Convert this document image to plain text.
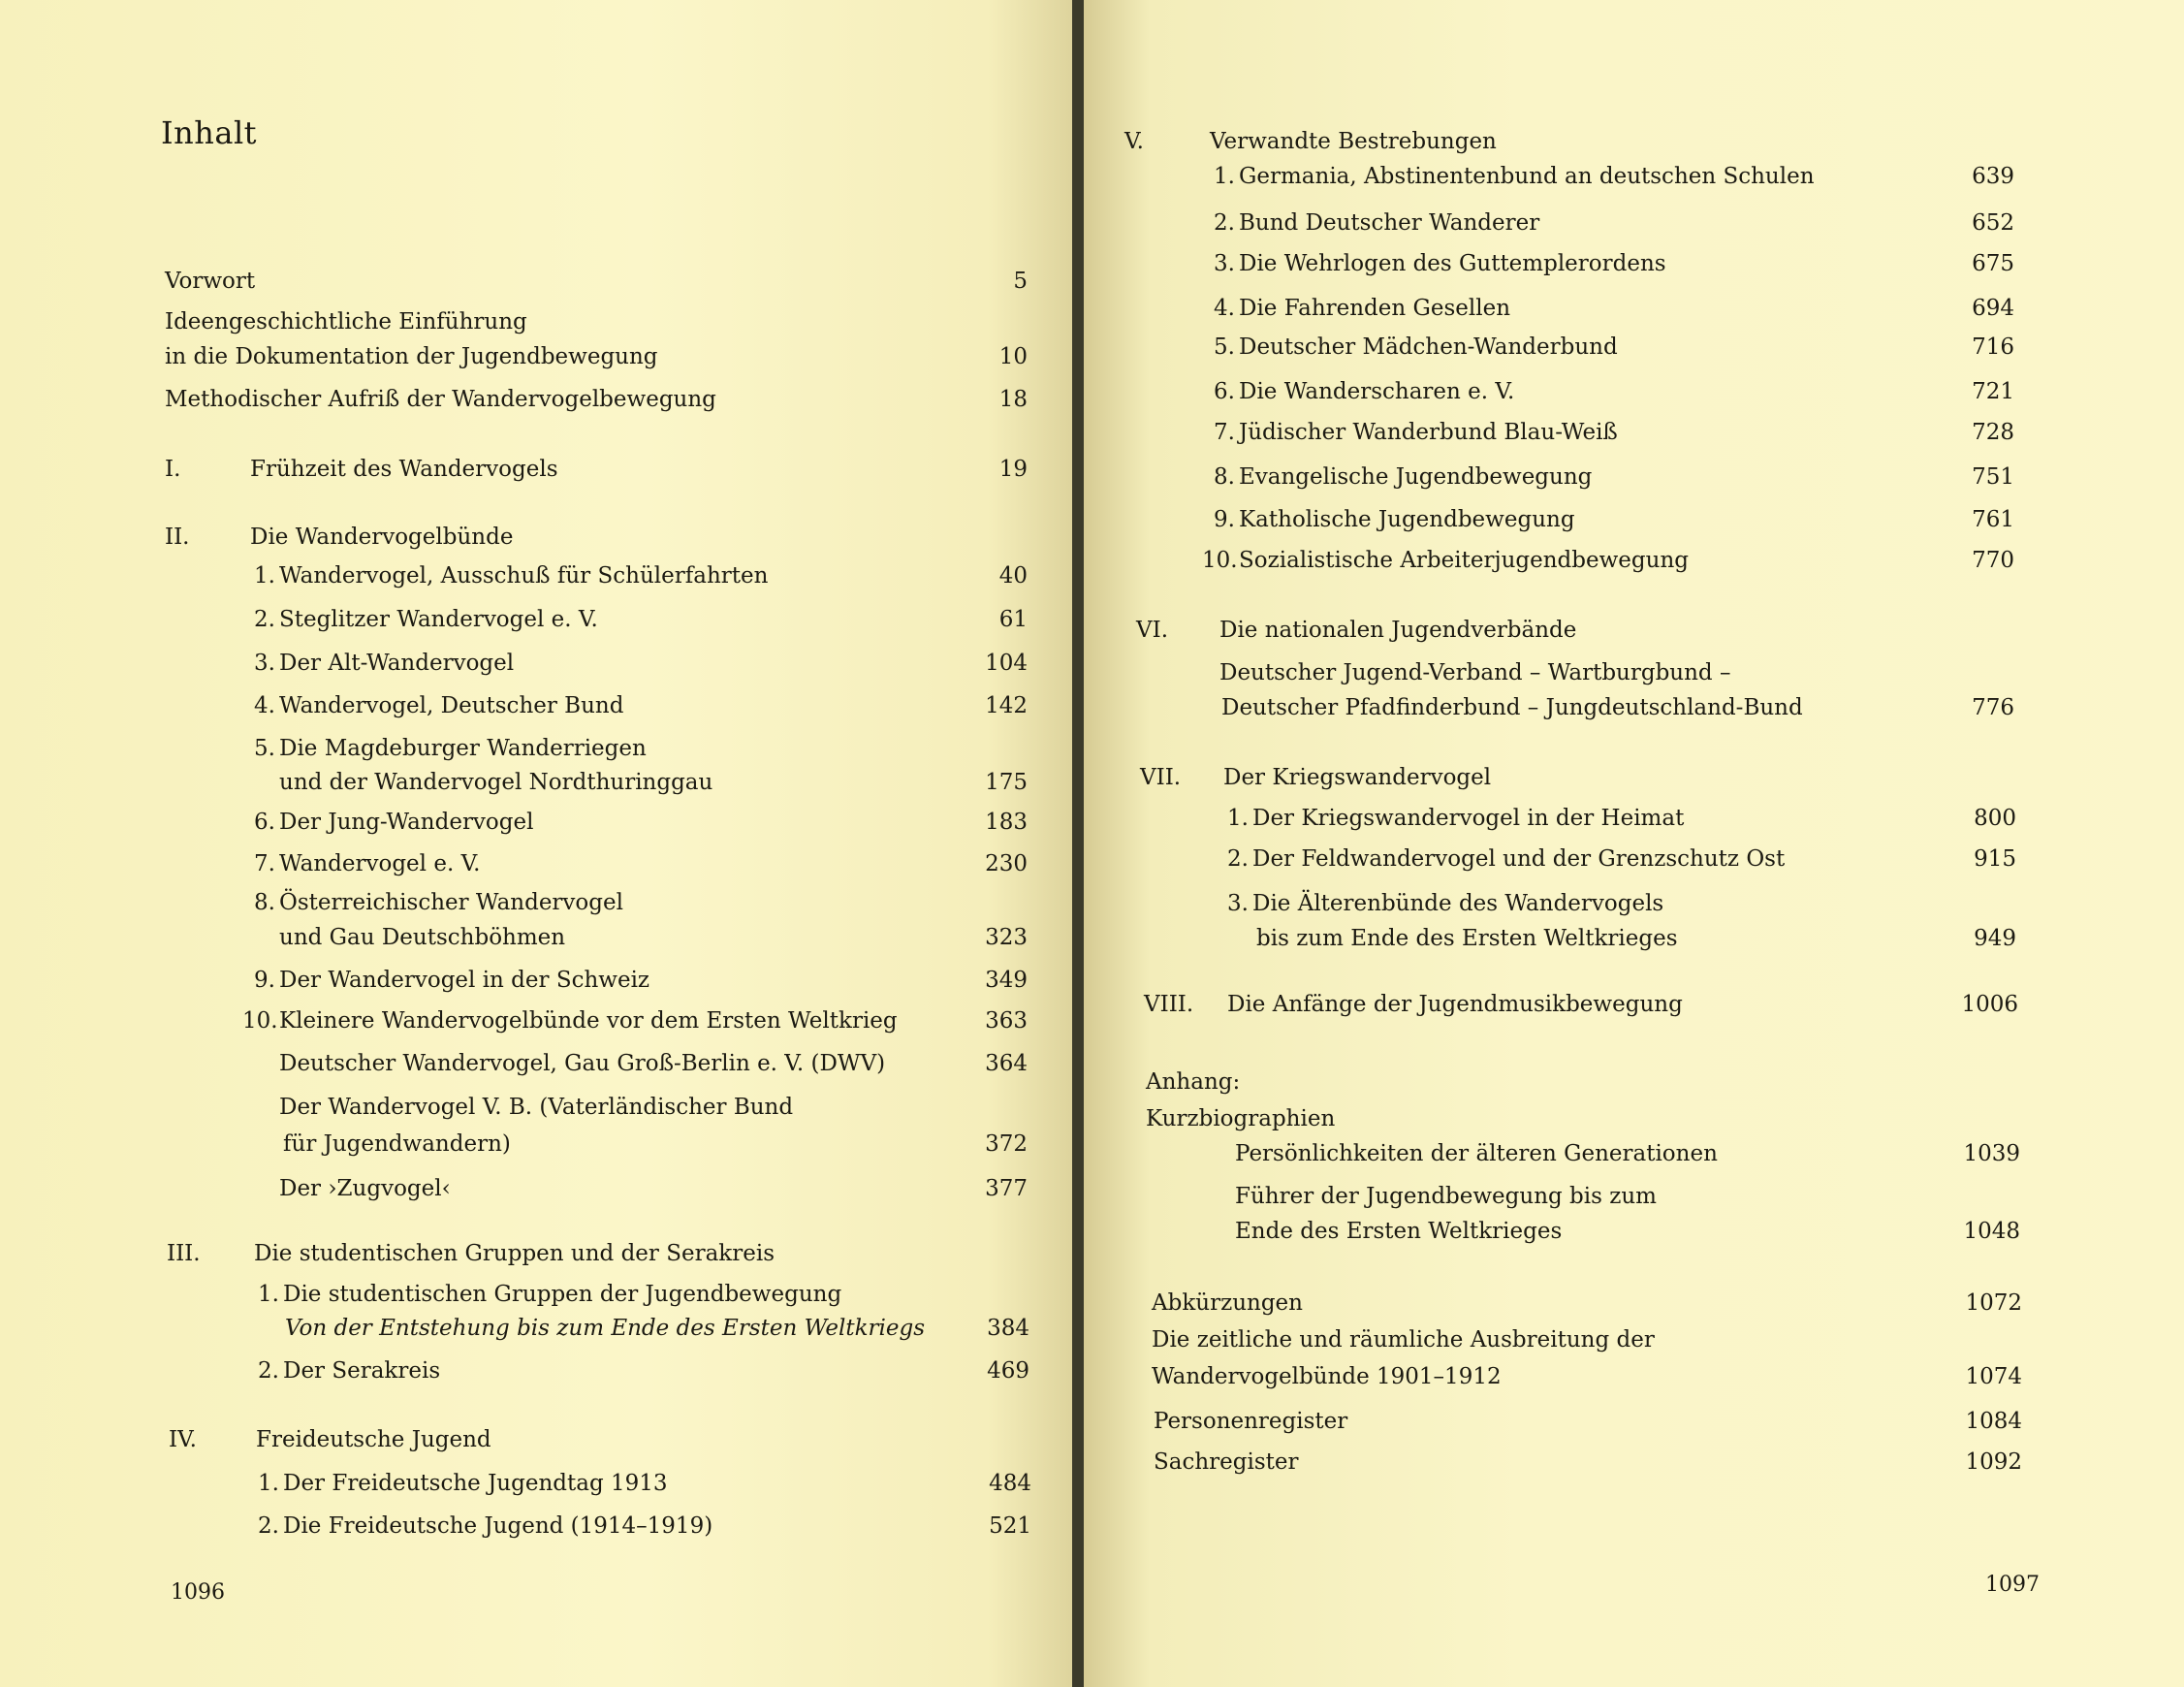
Inhalt
Vorwort	5
Ideengeschichtliche Einführung
in die Dokumentation der Jugendbewegung	10
Methodischer Aufriß der Wandervogelbewegung	18
I.	Frühzeit des Wandervogels	19
II.	Die Wandervogelbünde
1. Wandervogel, Ausschuß für Schülerfahrten	40
2. Steglitzer Wandervogel e. V.	61
3. Der Alt-Wandervogel	104
4. Wandervogel, Deutscher Bund	142
5. Die Magdeburger Wanderriegen
und der Wandervogel Nordthuringgau	175
6. Der Jung-Wandervogel	183
7. Wandervogel e. V.	230
8. Österreichischer Wandervogel
und Gau Deutschböhmen	323
9. Der Wandervogel in der Schweiz	349
10. Kleinere Wandervogelbünde vor dem Ersten Weltkrieg	363
Deutscher Wandervogel, Gau Groß-Berlin e. V. (DWV)	364
Der Wandervogel V. B. (Vaterländischer Bund
für Jugendwandern)	372
Der ›Zugvogel‹	377
III. Die studentischen Gruppen und der Serakreis
1. Die studentischen Gruppen der Jugendbewegung
Von der Entstehung bis zum Ende des Ersten Weltkriegs	384
2. Der Serakreis	469
IV.	Freideutsche Jugend
1. Der Freideutsche Jugendtag 1913	484
2. Die Freideutsche Jugend (1914–1919)	521
1096
V.	Verwandte Bestrebungen
1. Germania, Abstinentenbund an deutschen Schulen	639
2. Bund Deutscher Wanderer	652
3. Die Wehrlogen des Guttemplerordens	675
4. Die Fahrenden Gesellen	694
5. Deutscher Mädchen-Wanderbund	716
6. Die Wanderscharen e. V.	721
7. Jüdischer Wanderbund Blau-Weiß	728
8. Evangelische Jugendbewegung	751
9. Katholische Jugendbewegung	761
10. Sozialistische Arbeiterjugendbewegung	770
VI. Die nationalen Jugendverbände
Deutscher Jugend-Verband – Wartburgbund –
Deutscher Pfadfinderbund – Jungdeutschland-Bund	776
VII. Der Kriegswandervogel
1. Der Kriegswandervogel in der Heimat	800
2. Der Feldwandervogel und der Grenzschutz Ost	915
3. Die Älterenbünde des Wandervogels
bis zum Ende des Ersten Weltkrieges	949
VIII. Die Anfänge der Jugendmusikbewegung	1006
Anhang:
Kurzbiographien
Persönlichkeiten der älteren Generationen	1039
Führer der Jugendbewegung bis zum
Ende des Ersten Weltkrieges	1048
Abkürzungen	1072
Die zeitliche und räumliche Ausbreitung der
Wandervogelbünde 1901–1912	1074
Personenregister	1084
Sachregister	1092
1097
